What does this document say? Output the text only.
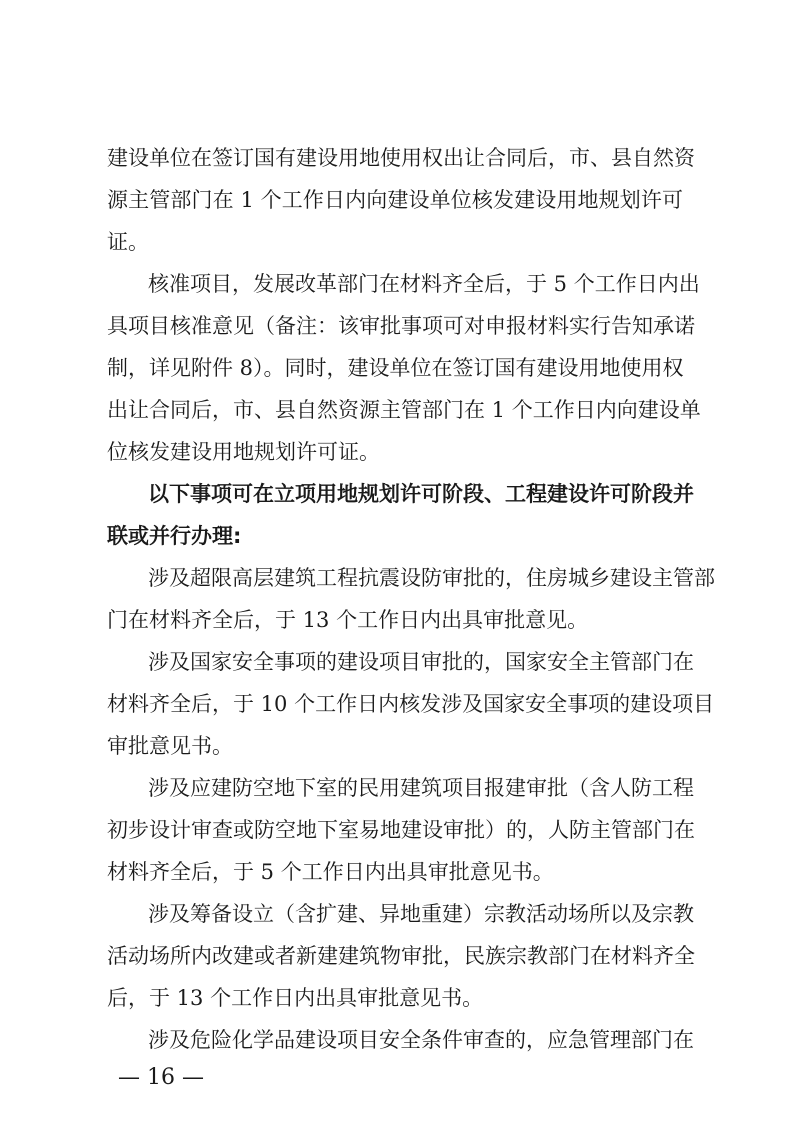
建设单位在签订国有建设用地使用权出让合同后，市、县自然资
源主管部门在 1 个工作日内向建设单位核发建设用地规划许可
证。
核准项目，发展改革部门在材料齐全后，于 5 个工作日内出
具项目核准意见（备注：该审批事项可对申报材料实行告知承诺
制，详见附件 8）。同时，建设单位在签订国有建设用地使用权
出让合同后，市、县自然资源主管部门在 1 个工作日内向建设单
位核发建设用地规划许可证。
以下事项可在立项用地规划许可阶段、工程建设许可阶段并
联或并行办理:
涉及超限高层建筑工程抗震设防审批的，住房城乡建设主管部
门在材料齐全后，于 13 个工作日内出具审批意见。
涉及国家安全事项的建设项目审批的，国家安全主管部门在
材料齐全后，于 10 个工作日内核发涉及国家安全事项的建设项目
审批意见书。
涉及应建防空地下室的民用建筑项目报建审批（含人防工程
初步设计审查或防空地下室易地建设审批）的，人防主管部门在
材料齐全后，于 5 个工作日内出具审批意见书。
涉及筹备设立（含扩建、异地重建）宗教活动场所以及宗教
活动场所内改建或者新建建筑物审批，民族宗教部门在材料齐全
后，于 13 个工作日内出具审批意见书。
涉及危险化学品建设项目安全条件审查的，应急管理部门在
— 16 —
